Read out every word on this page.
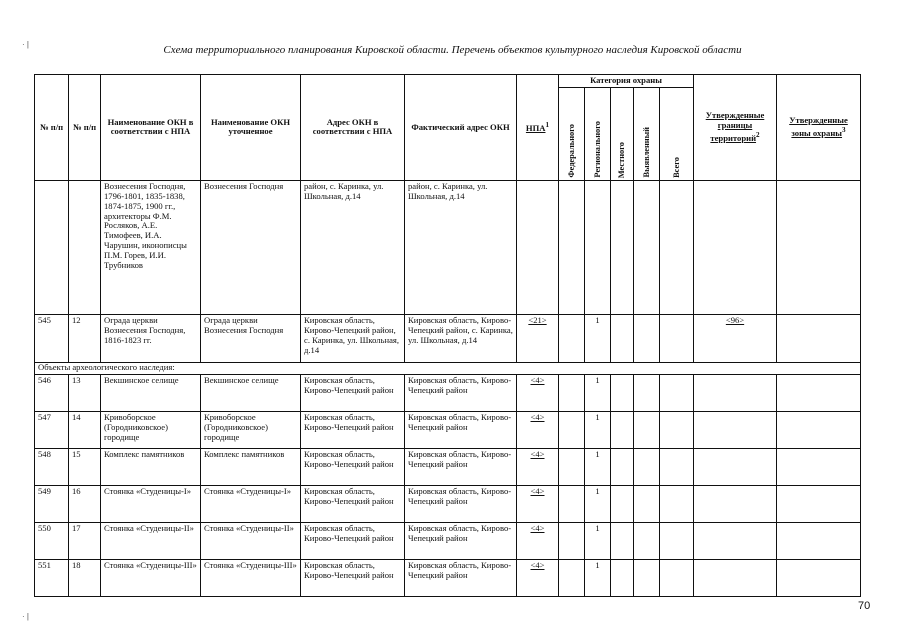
Схема территориального планирования Кировской области. Перечень объектов культурного наследия Кировской области
№ п/п	№ п/п	Наименование ОКН в соответствии с НПА	Наименование ОКН уточненное	Адрес ОКН в соответствии с НПА	Фактический адрес ОКН	НПА$^1$	Категория охраны					Утвержденные границы территорий$^2$	Утвержденные зоны охраны$^3$

							Федерального	Регионального	Местного	Выявленный	Всего		

		Вознесения Господня, 1796-1801, 1835-1838, 1874-1875, 1900 гг., архитекторы Ф.М. Росляков, А.Е. Тимофеев, И.А. Чарушин, иконописцы П.М. Горев, И.И. Трубников	Вознесения Господня	район, с. Каринка, ул. Школьная, д.14	район, с. Каринка, ул. Школьная, д.14								
545	12	Ограда церкви Вознесения Господня, 1816-1823 гг.	Ограда церкви Вознесения Господня	Кировская область, Кирово-Чепецкий район, с. Каринка, ул. Школьная, д.14	Кировская область, Кирово-Чепецкий район, с. Каринка, ул. Школьная, д.14	<21>		1				<96>	
Объекты археологического наследия:													
546	13	Векшинское селище	Векшинское селище	Кировская область, Кирово-Чепецкий район	Кировская область, Кирово-Чепецкий район	<4>		1					
547	14	Кривоборское (Городниковское) городище	Кривоборское (Городниковское) городище	Кировская область, Кирово-Чепецкий район	Кировская область, Кирово-Чепецкий район	<4>		1					
548	15	Комплекс памятников	Комплекс памятников	Кировская область, Кирово-Чепецкий район	Кировская область, Кирово-Чепецкий район	<4>		1					
549	16	Стоянка «Студеницы-I»	Стоянка «Студеницы-I»	Кировская область, Кирово-Чепецкий район	Кировская область, Кирово-Чепецкий район	<4>		1					
550	17	Стоянка «Студеницы-II»	Стоянка «Студеницы-II»	Кировская область, Кирово-Чепецкий район	Кировская область, Кирово-Чепецкий район	<4>		1					
551	18	Стоянка «Студеницы-III»	Стоянка «Студеницы-III»	Кировская область, Кирово-Чепецкий район	Кировская область, Кирово-Чепецкий район	<4>		1					
70
· |
· |
